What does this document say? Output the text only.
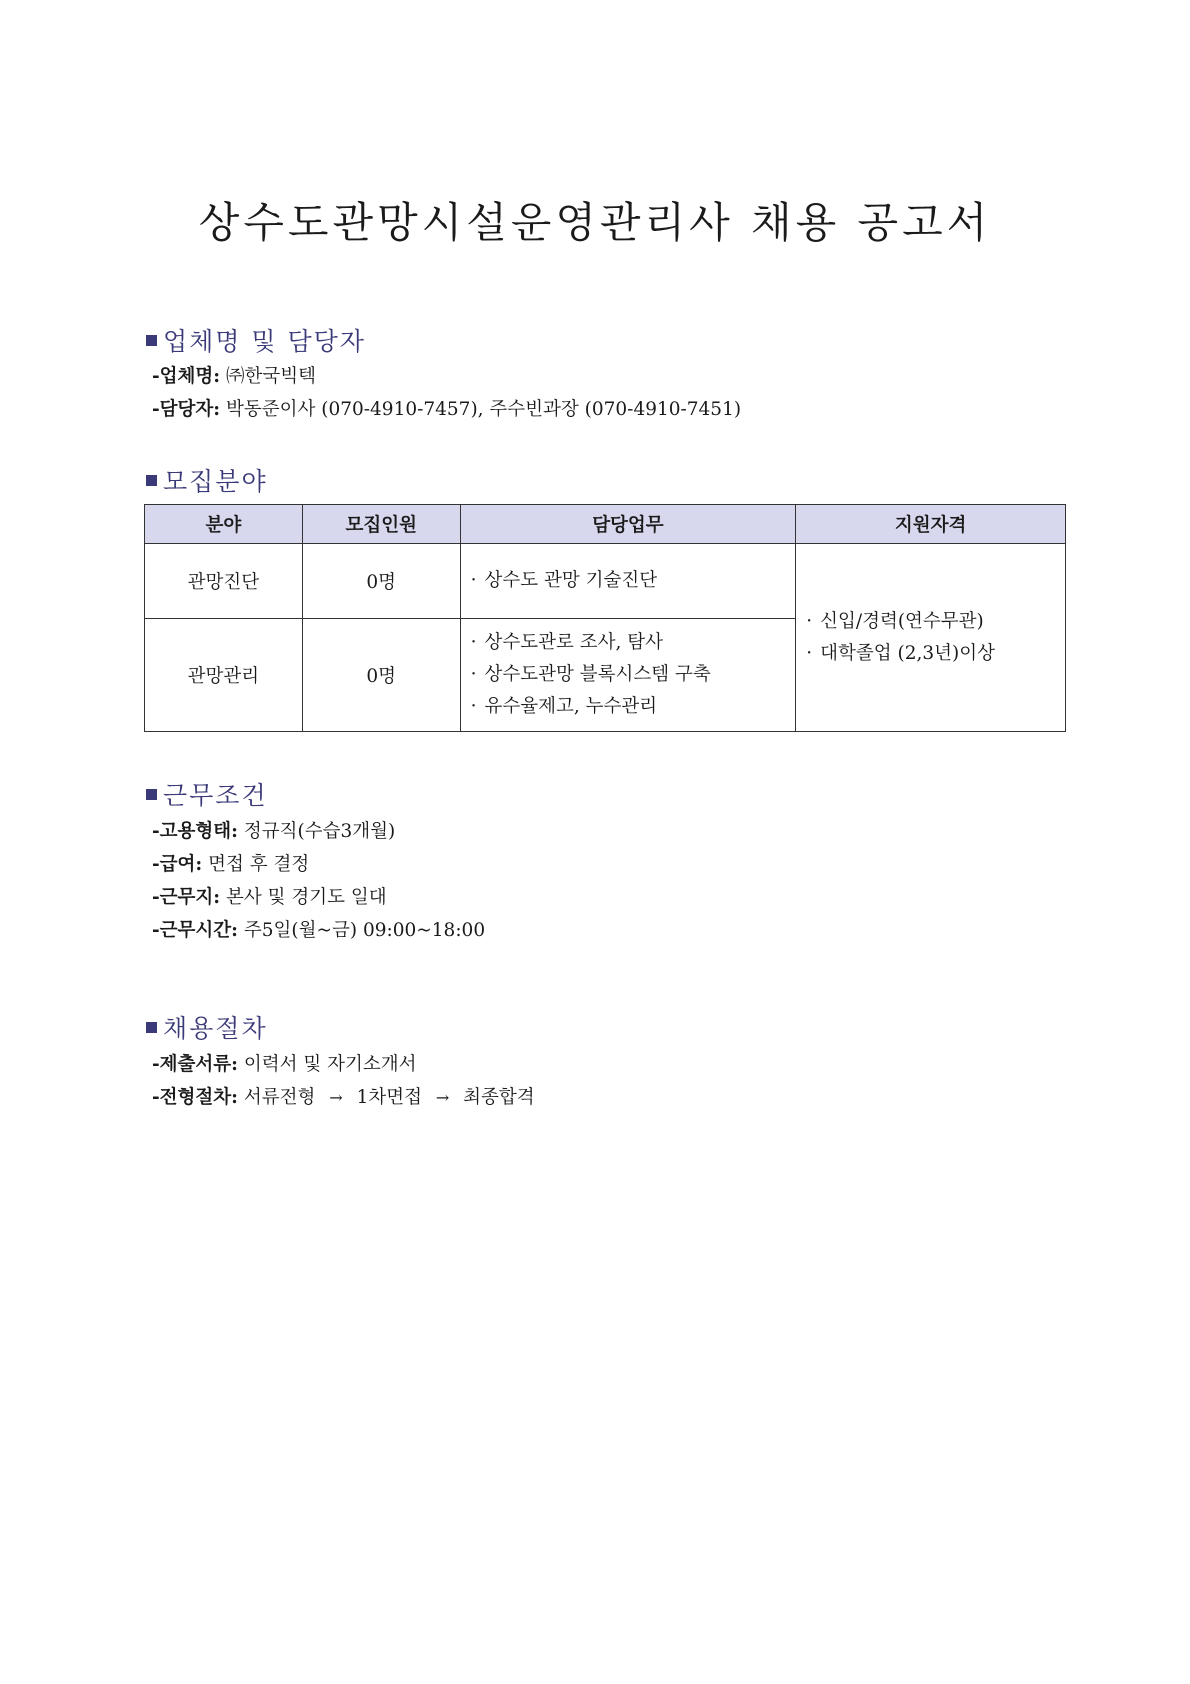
상수도관망시설운영관리사 채용 공고서
업체명 및 담당자
-업체명: ㈜한국빅텍
-담당자: 박동준이사 (070-4910-7457), 주수빈과장 (070-4910-7451)
모집분야
분야	모집인원	담당업무	지원자격
관망진단	0명	· 상수도 관망 기술진단	· 신입/경력(연수무관)
· 대학졸업 (2,3년)이상

관망관리	0명	· 상수도관로 조사, 탐사
· 상수도관망 블록시스템 구축
· 유수율제고, 누수관리	
근무조건
-고용형태: 정규직(수습3개월)
-급여: 면접 후 결정
-근무지: 본사 및 경기도 일대
-근무시간: 주5일(월~금) 09:00~18:00
채용절차
-제출서류: 이력서 및 자기소개서
-전형절차: 서류전형 → 1차면접 → 최종합격
